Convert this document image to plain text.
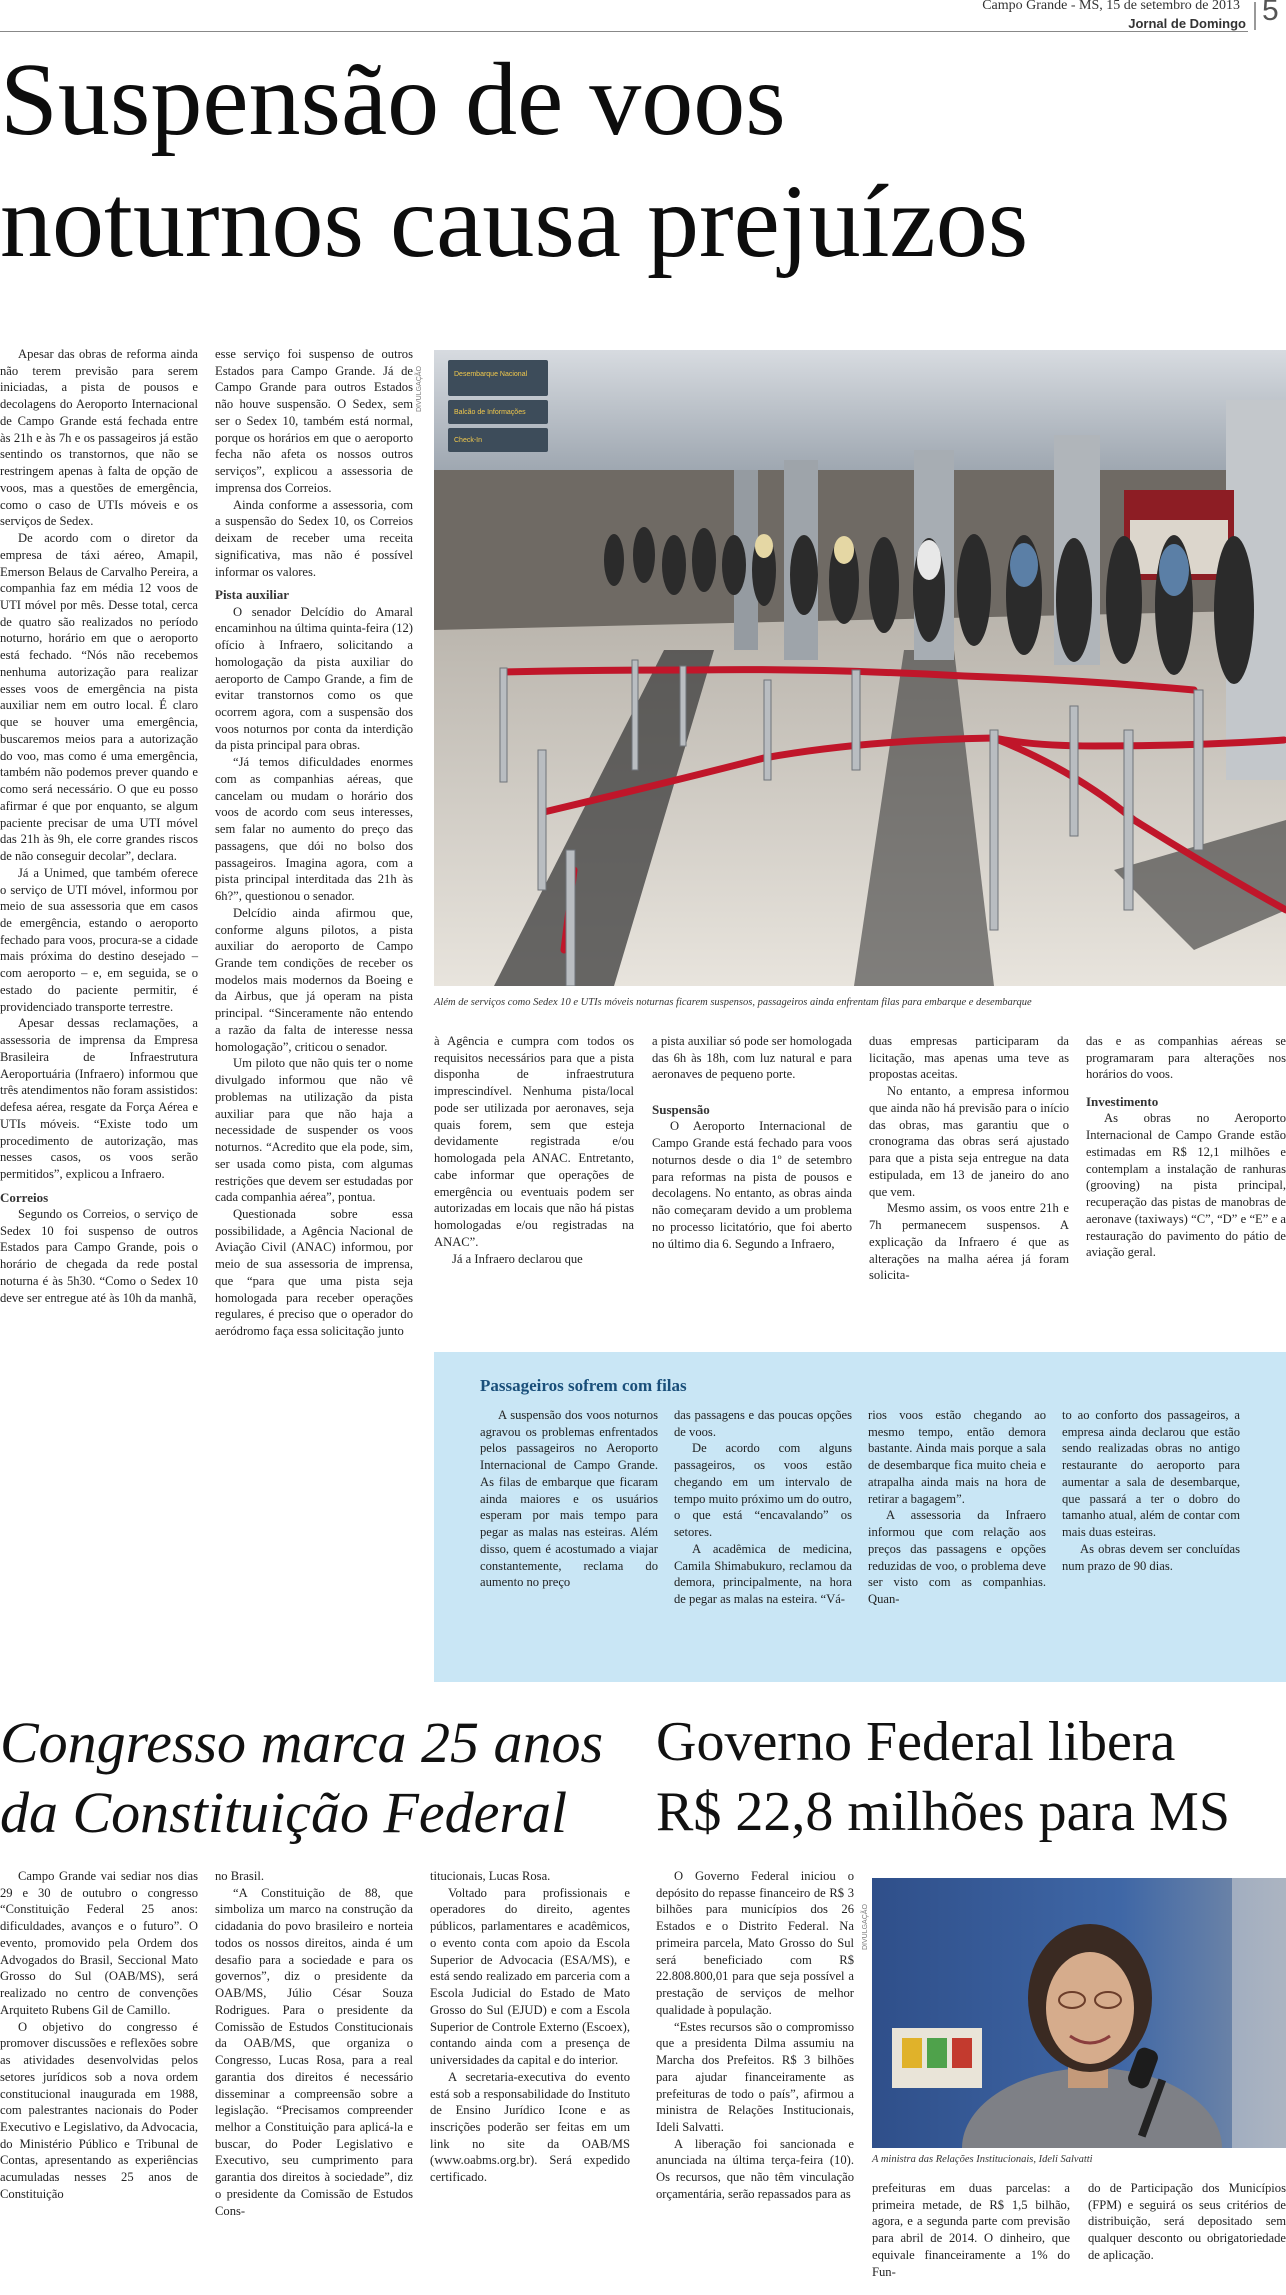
Campo Grande - MS, 15 de setembro de 2013
Jornal de Domingo 5
Suspensão de voos
noturnos causa prejuízos

Apesar das obras de reforma ainda não terem previsão para serem iniciadas, a pista de pousos e decolagens do Aeroporto Internacional de Campo Grande está fechada entre às 21h e às 7h e os passageiros já estão sentindo os transtornos, que não se restringem apenas à falta de opção de voos, mas a questões de emergência, como o caso de UTIs móveis e os serviços de Sedex.

De acordo com o diretor da empresa de táxi aéreo, Amapil, Emerson Belaus de Carvalho Pereira, a companhia faz em média 12 voos de UTI móvel por mês. Desse total, cerca de quatro são realizados no período noturno, horário em que o aeroporto está fechado. “Nós não recebemos nenhuma autorização para realizar esses voos de emergência na pista auxiliar nem em outro local. É claro que se houver uma emergência, buscaremos meios para a autorização do voo, mas como é uma emergência, também não podemos prever quando e como será necessário. O que eu posso afirmar é que por enquanto, se algum paciente precisar de uma UTI móvel das 21h às 9h, ele corre grandes riscos de não conseguir decolar”, declara.

Já a Unimed, que também oferece o serviço de UTI móvel, informou por meio de sua assessoria que em casos de emergência, estando o aeroporto fechado para voos, procura-se a cidade mais próxima do destino desejado – com aeroporto – e, em seguida, se o estado do paciente permitir, é providenciado transporte terrestre.

Apesar dessas reclamações, a assessoria de imprensa da Empresa Brasileira de Infraestrutura Aeroportuária (Infraero) informou que três atendimentos não foram assistidos: defesa aérea, resgate da Força Aérea e UTIs móveis. “Existe todo um procedimento de autorização, mas nesses casos, os voos serão permitidos”, explicou a Infraero.

Correios

Segundo os Correios, o serviço de Sedex 10 foi suspenso de outros Estados para Campo Grande, pois o horário de chegada da rede postal noturna é às 5h30. “Como o Sedex 10 deve ser entregue até às 10h da manhã,

esse serviço foi suspenso de outros Estados para Campo Grande. Já de Campo Grande para outros Estados não houve suspensão. O Sedex, sem ser o Sedex 10, também está normal, porque os horários em que o aeroporto fecha não afeta os nossos outros serviços”, explicou a assessoria de imprensa dos Correios.

Ainda conforme a assessoria, com a suspensão do Sedex 10, os Correios deixam de receber uma receita significativa, mas não é possível informar os valores.

Pista auxiliar

O senador Delcídio do Amaral encaminhou na última quinta-feira (12) ofício à Infraero, solicitando a homologação da pista auxiliar do aeroporto de Campo Grande, a fim de evitar transtornos como os que ocorrem agora, com a suspensão dos voos noturnos por conta da interdição da pista principal para obras.

“Já temos dificuldades enormes com as companhias aéreas, que cancelam ou mudam o horário dos voos de acordo com seus interesses, sem falar no aumento do preço das passagens, que dói no bolso dos passageiros. Imagina agora, com a pista principal interditada das 21h às 6h?”, questionou o senador.

Delcídio ainda afirmou que, conforme alguns pilotos, a pista auxiliar do aeroporto de Campo Grande tem condições de receber os modelos mais modernos da Boeing e da Airbus, que já operam na pista principal. “Sinceramente não entendo a razão da falta de interesse nessa homologação”, criticou o senador.

Um piloto que não quis ter o nome divulgado informou que não vê problemas na utilização da pista auxiliar para que não haja a necessidade de suspender os voos noturnos. “Acredito que ela pode, sim, ser usada como pista, com algumas restrições que devem ser estudadas por cada companhia aérea”, pontua.

Questionada sobre essa possibilidade, a Agência Nacional de Aviação Civil (ANAC) informou, por meio de sua assessoria de imprensa, que “para que uma pista seja homologada para receber operações regulares, é preciso que o operador do aeródromo faça essa solicitação junto

DIVULGAÇÃO	Desembarque Nacional
Balcão de Informações
Check-In
Além de serviços como Sedex 10 e UTIs móveis noturnas ficarem suspensos, passageiros ainda enfrentam filas para embarque e desembarque

à Agência e cumpra com todos os requisitos necessários para que a pista disponha de infraestrutura imprescindível. Nenhuma pista/local pode ser utilizada por aeronaves, seja quais forem, sem que esteja devidamente registrada e/ou homologada pela ANAC. Entretanto, cabe informar que operações de emergência ou eventuais podem ser autorizadas em locais que não há pistas homologadas e/ou registradas na ANAC”.

Já a Infraero declarou que

a pista auxiliar só pode ser homologada das 6h às 18h, com luz natural e para aeronaves de pequeno porte.

Suspensão

O Aeroporto Internacional de Campo Grande está fechado para voos noturnos desde o dia 1º de setembro para reformas na pista de pousos e decolagens. No entanto, as obras ainda não começaram devido a um problema no processo licitatório, que foi aberto no último dia 6. Segundo a Infraero,

duas empresas participaram da licitação, mas apenas uma teve as propostas aceitas.

No entanto, a empresa informou que ainda não há previsão para o início das obras, mas garantiu que o cronograma das obras será ajustado para que a pista seja entregue na data estipulada, em 13 de janeiro do ano que vem.

Mesmo assim, os voos entre 21h e 7h permanecem suspensos. A explicação da Infraero é que as alterações na malha aérea já foram solicita-

das e as companhias aéreas se programaram para alterações nos horários do voos.

Investimento

As obras no Aeroporto Internacional de Campo Grande estão estimadas em R$ 12,1 milhões e contemplam a instalação de ranhuras (grooving) na pista principal, recuperação das pistas de manobras de aeronave (taxiways) “C”, “D” e “E” e a restauração do pavimento do pátio de aviação geral.

Passageiros sofrem com filas

A suspensão dos voos noturnos agravou os problemas enfrentados pelos passageiros no Aeroporto Internacional de Campo Grande. As filas de embarque que ficaram ainda maiores e os usuários esperam por mais tempo para pegar as malas nas esteiras. Além disso, quem é acostumado a viajar constantemente, reclama do aumento no preço

das passagens e das poucas opções de voos.

De acordo com alguns passageiros, os voos estão chegando em um intervalo de tempo muito próximo um do outro, o que está “encavalando” os setores.

A acadêmica de medicina, Camila Shimabukuro, reclamou da demora, principalmente, na hora de pegar as malas na esteira. “Vá-

rios voos estão chegando ao mesmo tempo, então demora bastante. Ainda mais porque a sala de desembarque fica muito cheia e atrapalha ainda mais na hora de retirar a bagagem”.

A assessoria da Infraero informou que com relação aos preços das passagens e opções reduzidas de voo, o problema deve ser visto com as companhias. Quan-

to ao conforto dos passageiros, a empresa ainda declarou que estão sendo realizadas obras no antigo restaurante do aeroporto para aumentar a sala de desembarque, que passará a ter o dobro do tamanho atual, além de contar com mais duas esteiras.

As obras devem ser concluídas num prazo de 90 dias.

Congresso marca 25 anos
da Constituição Federal

Campo Grande vai sediar nos dias 29 e 30 de outubro o congresso “Constituição Federal 25 anos: dificuldades, avanços e o futuro”. O evento, promovido pela Ordem dos Advogados do Brasil, Seccional Mato Grosso do Sul (OAB/MS), será realizado no centro de convenções Arquiteto Rubens Gil de Camillo.

O objetivo do congresso é promover discussões e reflexões sobre as atividades desenvolvidas pelos setores jurídicos sob a nova ordem constitucional inaugurada em 1988, com palestrantes nacionais do Poder Executivo e Legislativo, da Advocacia, do Ministério Público e Tribunal de Contas, apresentando as experiências acumuladas nesses 25 anos de Constituição

no Brasil.

“A Constituição de 88, que simboliza um marco na construção da cidadania do povo brasileiro e norteia todos os nossos direitos, ainda é um desafio para a sociedade e para os governos”, diz o presidente da OAB/MS, Júlio César Souza Rodrigues. Para o presidente da Comissão de Estudos Constitucionais da OAB/MS, que organiza o Congresso, Lucas Rosa, para a real garantia dos direitos é necessário disseminar a compreensão sobre a legislação. “Precisamos compreender melhor a Constituição para aplicá-la e buscar, do Poder Legislativo e Executivo, seu cumprimento para garantia dos direitos à sociedade”, diz o presidente da Comissão de Estudos Cons-

titucionais, Lucas Rosa.

Voltado para profissionais e operadores do direito, agentes públicos, parlamentares e acadêmicos, o evento conta com apoio da Escola Superior de Advocacia (ESA/MS), e está sendo realizado em parceria com a Escola Judicial do Estado de Mato Grosso do Sul (EJUD) e com a Escola Superior de Controle Externo (Escoex), contando ainda com a presença de universidades da capital e do interior.

A secretaria-executiva do evento está sob a responsabilidade do Instituto de Ensino Jurídico Icone e as inscrições poderão ser feitas em um link no site da OAB/MS (www.oabms.org.br). Será expedido certificado.

Governo Federal libera
R$ 22,8 milhões para MS

O Governo Federal iniciou o depósito do repasse financeiro de R$ 3 bilhões para municípios dos 26 Estados e o Distrito Federal. Na primeira parcela, Mato Grosso do Sul será beneficiado com R$ 22.808.800,01 para que seja possível a prestação de serviços de melhor qualidade à população.

“Estes recursos são o compromisso que a presidenta Dilma assumiu na Marcha dos Prefeitos. R$ 3 bilhões para ajudar financeiramente as prefeituras de todo o país”, afirmou a ministra de Relações Institucionais, Ideli Salvatti.

A liberação foi sancionada e anunciada na última terça-feira (10). Os recursos, que não têm vinculação orçamentária, serão repassados para as

DIVULGAÇÃO
A ministra das Relações Institucionais, Ideli Salvatti

prefeituras em duas parcelas: a primeira metade, de R$ 1,5 bilhão, agora, e a segunda parte com previsão para abril de 2014. O dinheiro, que equivale financeiramente a 1% do Fun-

do de Participação dos Municípios (FPM) e seguirá os seus critérios de distribuição, será depositado sem qualquer desconto ou obrigatoriedade de aplicação.
